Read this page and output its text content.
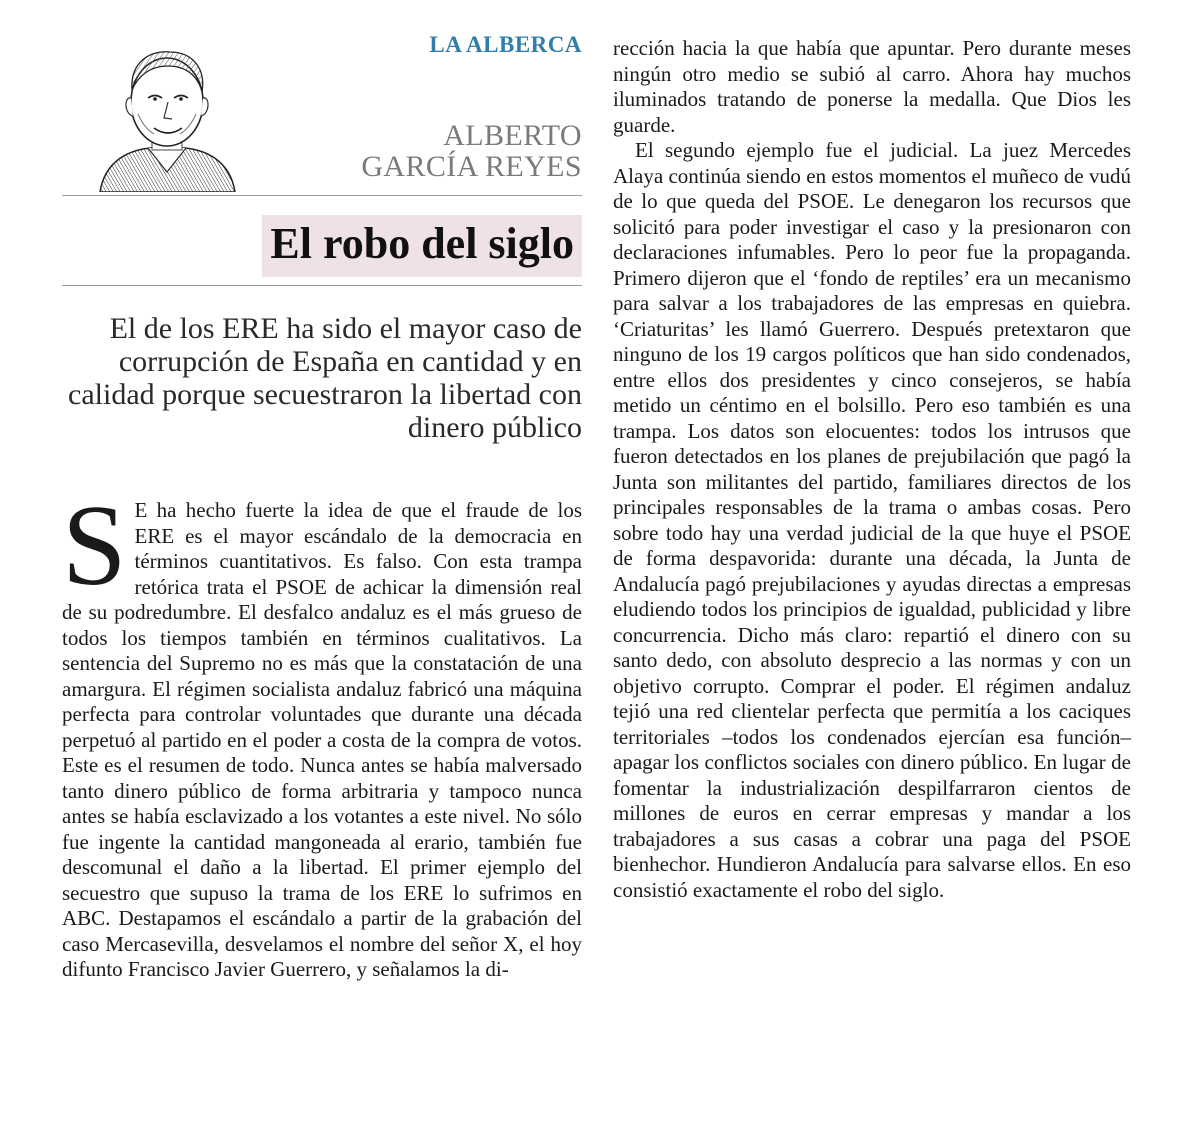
LA ALBERCA
ALBERTO
GARCÍA REYES
El robo del siglo
El de los ERE ha sido el mayor caso de corrupción de España en cantidad y en calidad porque secuestraron la libertad con dinero público
S E ha hecho fuerte la idea de que el fraude de los ERE es el mayor escándalo de la democracia en términos cuantitativos. Es falso. Con esta trampa retórica trata el PSOE de achicar la dimensión real de su podredumbre. El desfalco andaluz es el más grueso de todos los tiempos también en términos cualitativos. La sentencia del Supremo no es más que la constatación de una amargura. El régimen socialista andaluz fabricó una máquina perfecta para controlar voluntades que durante una década perpetuó al partido en el poder a costa de la compra de votos. Este es el resumen de todo. Nunca antes se había malversado tanto dinero público de forma arbitraria y tampoco nunca antes se había esclavizado a los votantes a este nivel. No sólo fue ingente la cantidad mangoneada al erario, también fue descomunal el daño a la libertad. El primer ejemplo del secuestro que supuso la trama de los ERE lo sufrimos en ABC. Destapamos el escándalo a partir de la grabación del caso Mercasevilla, desvelamos el nombre del señor X, el hoy difunto Francisco Javier Guerrero, y señalamos la di-

rección hacia la que había que apuntar. Pero durante meses ningún otro medio se subió al carro. Ahora hay muchos iluminados tratando de ponerse la medalla. Que Dios les guarde.

El segundo ejemplo fue el judicial. La juez Mercedes Alaya continúa siendo en estos momentos el muñeco de vudú de lo que queda del PSOE. Le denegaron los recursos que solicitó para poder investigar el caso y la presionaron con declaraciones infumables. Pero lo peor fue la propaganda. Primero dijeron que el ‘fondo de reptiles’ era un mecanismo para salvar a los trabajadores de las empresas en quiebra. ‘Criaturitas’ les llamó Guerrero. Después pretextaron que ninguno de los 19 cargos políticos que han sido condenados, entre ellos dos presidentes y cinco consejeros, se había metido un céntimo en el bolsillo. Pero eso también es una trampa. Los datos son elocuentes: todos los intrusos que fueron detectados en los planes de prejubilación que pagó la Junta son militantes del partido, familiares directos de los principales responsables de la trama o ambas cosas. Pero sobre todo hay una verdad judicial de la que huye el PSOE de forma despavorida: durante una década, la Junta de Andalucía pagó prejubilaciones y ayudas directas a empresas eludiendo todos los principios de igualdad, publicidad y libre concurrencia. Dicho más claro: repartió el dinero con su santo dedo, con absoluto desprecio a las normas y con un objetivo corrupto. Comprar el poder. El régimen andaluz tejió una red clientelar perfecta que permitía a los caciques territoriales –todos los condenados ejercían esa función– apagar los conflictos sociales con dinero público. En lugar de fomentar la industrialización despilfarraron cientos de millones de euros en cerrar empresas y mandar a los trabajadores a sus casas a cobrar una paga del PSOE bienhechor. Hundieron Andalucía para salvarse ellos. En eso consistió exactamente el robo del siglo.
